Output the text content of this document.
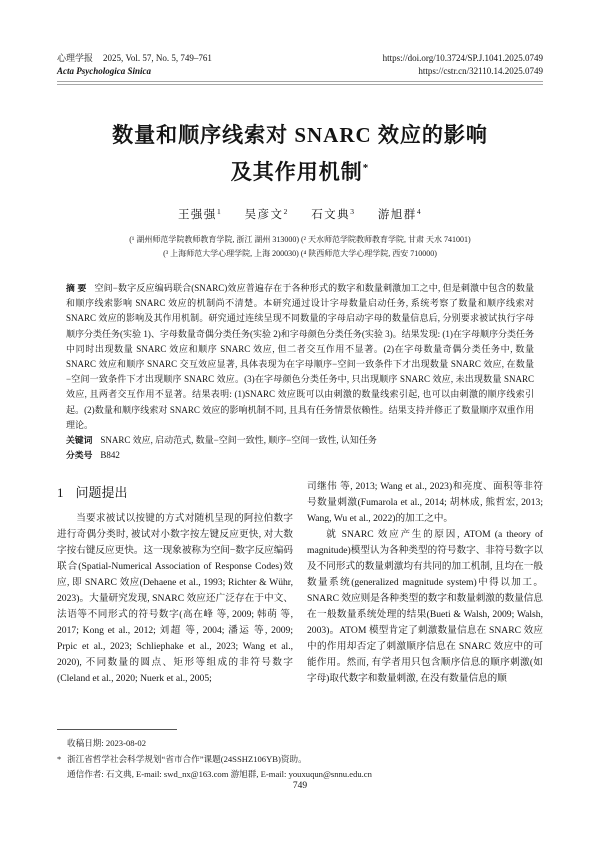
心理学报 2025, Vol. 57, No. 5, 749–761
Acta Psychologica Sinica
https://doi.org/10.3724/SP.J.1041.2025.0749
https://cstr.cn/32110.14.2025.0749
数量和顺序线索对 SNARC 效应的影响
及其作用机制*
王强强$^1$ 吴彦文$^2$ 石文典$^3$ 游旭群$^4$
(¹ 湖州师范学院教师教育学院, 浙江 湖州 313000) (² 天水师范学院教师教育学院, 甘肃 天水 741001)
(³ 上海师范大学心理学院, 上海 200030) (⁴ 陕西师范大学心理学院, 西安 710000)

摘 要 空间−数字反应编码联合(SNARC)效应普遍存在于各种形式的数字和数量刺激加工之中, 但是刺激中包含的数量和顺序线索影响 SNARC 效应的机制尚不清楚。本研究通过设计字母数量启动任务, 系统考察了数量和顺序线索对 SNARC 效应的影响及其作用机制。研究通过连续呈现不同数量的字母启动字母的数量信息后, 分别要求被试执行字母顺序分类任务(实验 1)、字母数量奇偶分类任务(实验 2)和字母颜色分类任务(实验 3)。结果发现: (1)在字母顺序分类任务中同时出现数量 SNARC 效应和顺序 SNARC 效应, 但二者交互作用不显著。(2)在字母数量奇偶分类任务中, 数量 SNARC 效应和顺序 SNARC 交互效应显著, 具体表现为在字母顺序−空间一致条件下才出现数量 SNARC 效应, 在数量−空间一致条件下才出现顺序 SNARC 效应。(3)在字母颜色分类任务中, 只出现顺序 SNARC 效应, 未出现数量 SNARC 效应, 且两者交互作用不显著。结果表明: (1)SNARC 效应既可以由刺激的数量线索引起, 也可以由刺激的顺序线索引起。(2)数量和顺序线索对 SNARC 效应的影响机制不同, 且具有任务情景依赖性。结果支持并修正了数量顺序双重作用理论。

关键词 SNARC 效应, 启动范式, 数量−空间一致性, 顺序−空间一致性, 认知任务

分类号 B842

1 问题提出

当要求被试以按键的方式对随机呈现的阿拉伯数字进行奇偶分类时, 被试对小数字按左键反应更快, 对大数字按右键反应更快。这一现象被称为空间−数字反应编码联合(Spatial-Numerical Association of Response Codes)效应, 即 SNARC 效应(Dehaene et al., 1993; Richter & Wühr, 2023)。大量研究发现, SNARC 效应还广泛存在于中文、法语等不同形式的符号数字(高在峰 等, 2009; 韩萌 等, 2017; Kong et al., 2012; 刘超 等, 2004; 潘运 等, 2009; Prpic et al., 2023; Schliephake et al., 2023; Wang et al., 2020), 不同数量的圆点、矩形等组成的非符号数字(Cleland et al., 2020; Nuerk et al., 2005;

司继伟 等, 2013; Wang et al., 2023)和亮度、面积等非符号数量刺激(Fumarola et al., 2014; 胡林成, 熊哲宏, 2013; Wang, Wu et al., 2022)的加工之中。

就 SNARC 效应产生的原因, ATOM (a theory of magnitude)模型认为各种类型的符号数字、非符号数字以及不同形式的数量刺激均有共同的加工机制, 且均在一般数量系统(generalized magnitude system)中得以加工。SNARC 效应则是各种类型的数字和数量刺激的数量信息在一般数量系统处理的结果(Bueti & Walsh, 2009; Walsh, 2003)。ATOM 模型肯定了刺激数量信息在 SNARC 效应中的作用却否定了刺激顺序信息在 SNARC 效应中的可能作用。然而, 有学者用只包含顺序信息的顺序刺激(如字母)取代数字和数量刺激, 在没有数量信息的顺

收稿日期: 2023-08-02
* 浙江省哲学社会科学规划“省市合作”课题(24SSHZ106YB)资助。
通信作者: 石文典, E-mail: swd_nx@163.com 游旭群, E-mail: youxuqun@snnu.edu.cn
749
